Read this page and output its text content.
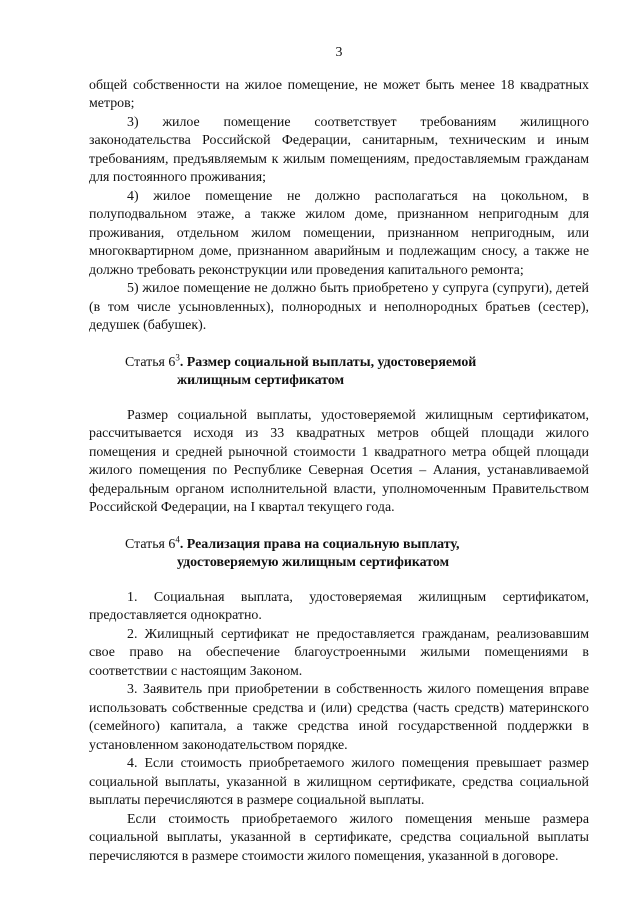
3

общей собственности на жилое помещение, не может быть менее 18 квадратных метров;

3) жилое помещение соответствует требованиям жилищного законодательства Российской Федерации, санитарным, техническим и иным требованиям, предъявляемым к жилым помещениям, предоставляемым гражданам для постоянного проживания;

4) жилое помещение не должно располагаться на цокольном, в полуподвальном этаже, а также жилом доме, признанном непригодным для проживания, отдельном жилом помещении, признанном непригодным, или многоквартирном доме, признанном аварийным и подлежащим сносу, а также не должно требовать реконструкции или проведения капитального ремонта;

5) жилое помещение не должно быть приобретено у супруга (супруги), детей (в том числе усыновленных), полнородных и неполнородных братьев (сестер), дедушек (бабушек).

Статья $6^3$. Размер социальной выплаты, удостоверяемой
жилищным сертификатом

Размер социальной выплаты, удостоверяемой жилищным сертификатом, рассчитывается исходя из 33 квадратных метров общей площади жилого помещения и средней рыночной стоимости 1 квадратного метра общей площади жилого помещения по Республике Северная Осетия – Алания, устанавливаемой федеральным органом исполнительной власти, уполномоченным Правительством Российской Федерации, на I квартал текущего года.

Статья $6^4$. Реализация права на социальную выплату,
удостоверяемую жилищным сертификатом

1. Социальная выплата, удостоверяемая жилищным сертификатом, предоставляется однократно.

2. Жилищный сертификат не предоставляется гражданам, реализовавшим свое право на обеспечение благоустроенными жилыми помещениями в соответствии с настоящим Законом.

3. Заявитель при приобретении в собственность жилого помещения вправе использовать собственные средства и (или) средства (часть средств) материнского (семейного) капитала, а также средства иной государственной поддержки в установленном законодательством порядке.

4. Если стоимость приобретаемого жилого помещения превышает размер социальной выплаты, указанной в жилищном сертификате, средства социальной выплаты перечисляются в размере социальной выплаты.

Если стоимость приобретаемого жилого помещения меньше размера социальной выплаты, указанной в сертификате, средства социальной выплаты перечисляются в размере стоимости жилого помещения, указанной в договоре.
